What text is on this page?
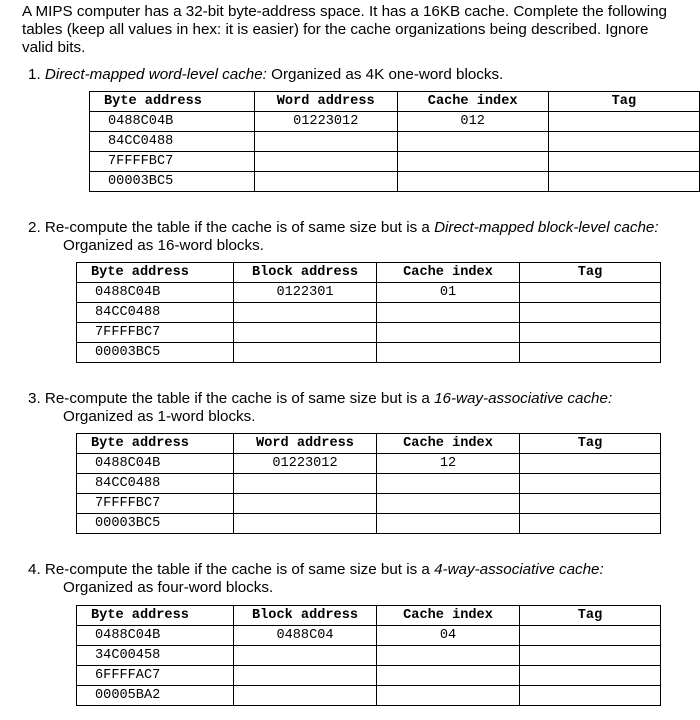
A MIPS computer has a 32-bit byte-address space. It has a 16KB cache. Complete the following tables (keep all values in hex: it is easier) for the cache organizations being described. Ignore valid bits.

1. Direct-mapped word-level cache: Organized as 4K one-word blocks.

Byte address	Word address	Cache index	Tag
0488C04B	01223012	012	
84CC0488			
7FFFFBC7			
00003BC5			

2. Re-compute the table if the cache is of same size but is a Direct-mapped block-level cache:
Organized as 16-word blocks.

Byte address	Block address	Cache index	Tag
0488C04B	0122301	01	
84CC0488			
7FFFFBC7			
00003BC5			

3. Re-compute the table if the cache is of same size but is a 16-way-associative cache:
Organized as 1-word blocks.

Byte address	Word address	Cache index	Tag
0488C04B	01223012	12	
84CC0488			
7FFFFBC7			
00003BC5			

4. Re-compute the table if the cache is of same size but is a 4-way-associative cache:
Organized as four-word blocks.

Byte address	Block address	Cache index	Tag
0488C04B	0488C04	04	
34C00458			
6FFFFAC7			
00005BA2			
